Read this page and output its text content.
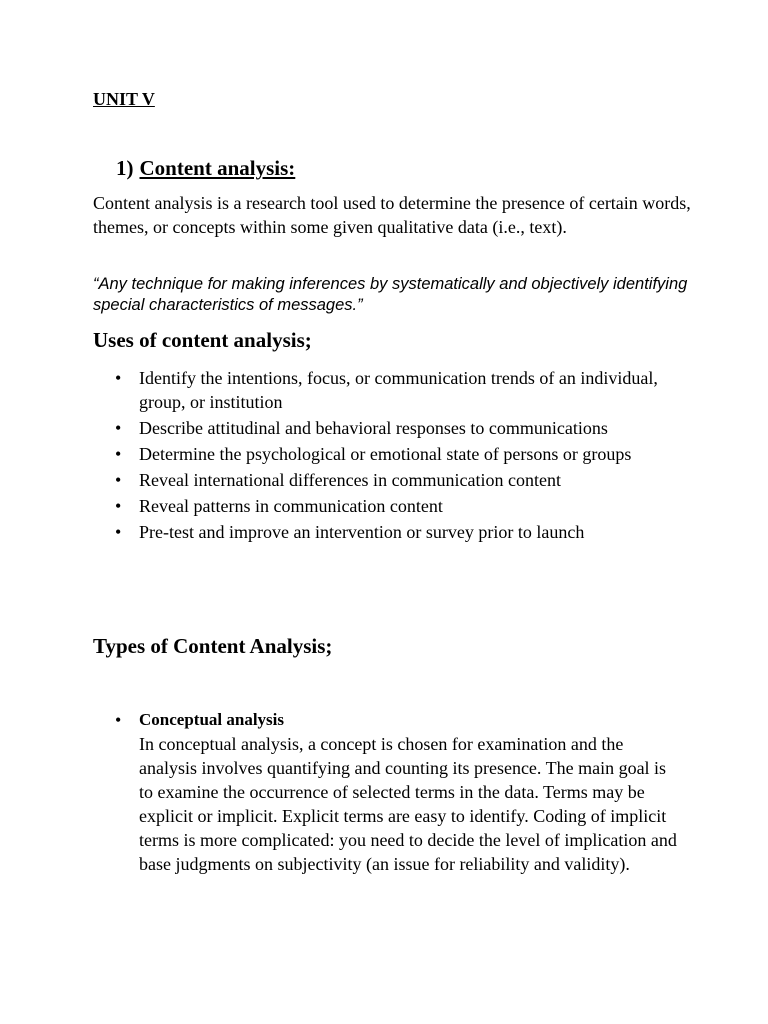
UNIT V
1) Content analysis:

Content analysis is a research tool used to determine the presence of certain words, themes, or concepts within some given qualitative data (i.e., text).

“Any technique for making inferences by systematically and objectively identifying special characteristics of messages.”

Uses of content analysis;
• Identify the intentions, focus, or communication trends of an individual, group, or institution
• Describe attitudinal and behavioral responses to communications
• Determine the psychological or emotional state of persons or groups
• Reveal international differences in communication content
• Reveal patterns in communication content
• Pre-test and improve an intervention or survey prior to launch
Types of Content Analysis;
• Conceptual analysis
In conceptual analysis, a concept is chosen for examination and the analysis involves quantifying and counting its presence. The main goal is to examine the occurrence of selected terms in the data. Terms may be explicit or implicit. Explicit terms are easy to identify. Coding of implicit terms is more complicated: you need to decide the level of implication and base judgments on subjectivity (an issue for reliability and validity).
